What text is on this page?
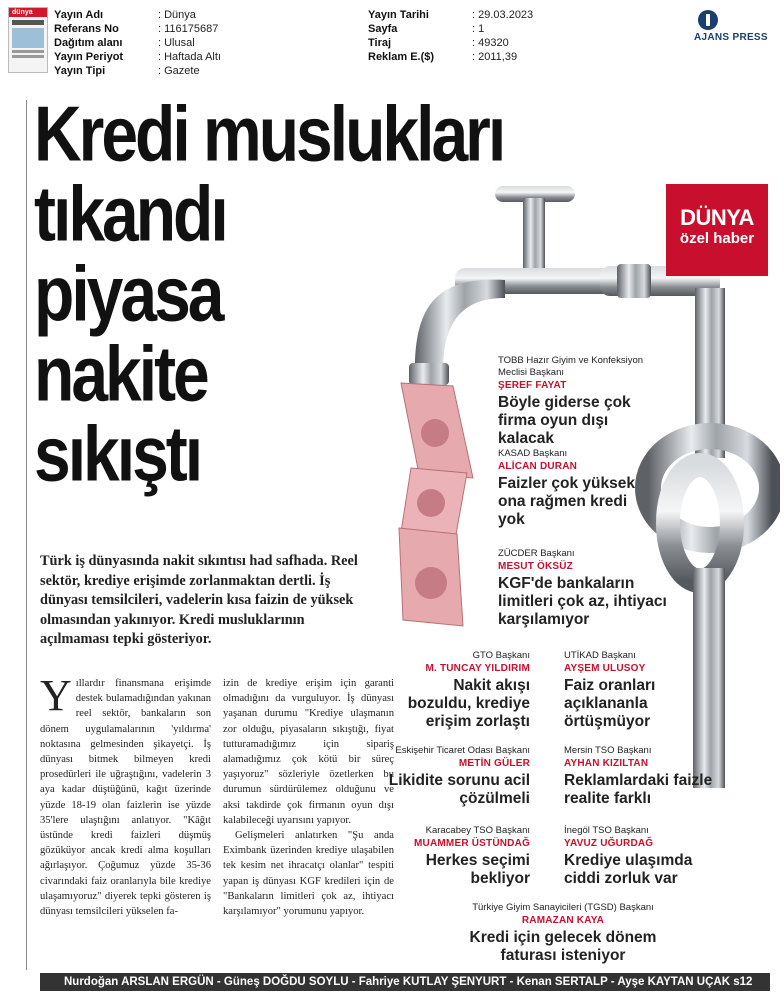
dünya	Yayın Adı	: Dünya
Referans No	: 116175687
Dağıtım alanı	: Ulusal
Yayın Periyot	: Haftada Altı
Yayın Tipi	: Gazete
Yayın Tarihi	: 29.03.2023
Sayfa	: 1
Tiraj	: 49320
Reklam E.($)	: 2011,39
AJANS PRESS
Kredi muslukları
tıkandı
piyasa
nakite
sıkıştı
DÜNYA
özel haber
Türk iş dünyasında nakit sıkıntısı had safhada. Reel sektör, krediye erişimde zorlanmaktan dertli. İş dünyası temsilcileri, vadelerin kısa faizin de yüksek olmasından yakınıyor. Kredi musluklarının açılmaması tepki gösteriyor.
Yıllardır finansmana erişimde destek bulamadığından yakınan reel sektör, bankaların son dönem uygulamalarının 'yıldırma' noktasına gelmesinden şikayetçi. İş dünyası bitmek bilmeyen kredi prosedürleri ile uğraştığını, vadelerin 3 aya kadar düştüğünü, kağıt üzerinde yüzde 18-19 olan faizlerin ise yüzde 35'lere ulaştığını anlatıyor. "Kâğıt üstünde kredi faizleri düşmüş gözüküyor ancak kredi alma koşulları ağırlaşıyor. Çoğumuz yüzde 35-36 civarındaki faiz oranlarıyla bile krediye ulaşamıyoruz" diyerek tepki gösteren iş dünyası temsilcileri yükselen fa-
izin de krediye erişim için garanti olmadığını da vurguluyor. İş dünyası yaşanan durumu "Krediye ulaşmanın zor olduğu, piyasaların sıkıştığı, fiyat tutturamadığımız için sipariş alamadığımız çok kötü bir süreç yaşıyoruz" sözleriyle özetlerken bu durumun sürdürülemez olduğunu ve aksi takdirde çok firmanın oyun dışı kalabileceği uyarısını yapıyor.
Gelişmeleri anlatırken "Şu anda Eximbank üzerinden krediye ulaşabilen tek kesim net ihracatçı olanlar" tespiti yapan iş dünyası KGF kredileri için de "Bankaların limitleri çok az, ihtiyacı karşılamıyor" yorumunu yapıyor.
TOBB Hazır Giyim ve Konfeksiyon Meclisi Başkanı
ŞEREF FAYAT
Böyle giderse çok firma oyun dışı kalacak
KASAD Başkanı
ALİCAN DURAN
Faizler çok yüksek ona rağmen kredi yok
ZÜCDER Başkanı
MESUT ÖKSÜZ
KGF'de bankaların limitleri çok az, ihtiyacı karşılamıyor
GTO Başkanı
M. TUNCAY YILDIRIM
Nakit akışı bozuldu, krediye erişim zorlaştı
UTİKAD Başkanı
AYŞEM ULUSOY
Faiz oranları açıklananla örtüşmüyor
Eskişehir Ticaret Odası Başkanı
METİN GÜLER
Likidite sorunu acil çözülmeli
Mersin TSO Başkanı
AYHAN KIZILTAN
Reklamlardaki faizle realite farklı
Karacabey TSO Başkanı
MUAMMER ÜSTÜNDAĞ
Herkes seçimi bekliyor
İnegöl TSO Başkanı
YAVUZ UĞURDAĞ
Krediye ulaşımda ciddi zorluk var
Türkiye Giyim Sanayicileri (TGSD) Başkanı
RAMAZAN KAYA
Kredi için gelecek dönem faturası isteniyor
Nurdoğan ARSLAN ERGÜN - Güneş DOĞDU SOYLU - Fahriye KUTLAY ŞENYURT - Kenan SERTALP - Ayşe KAYTAN UÇAK s12
